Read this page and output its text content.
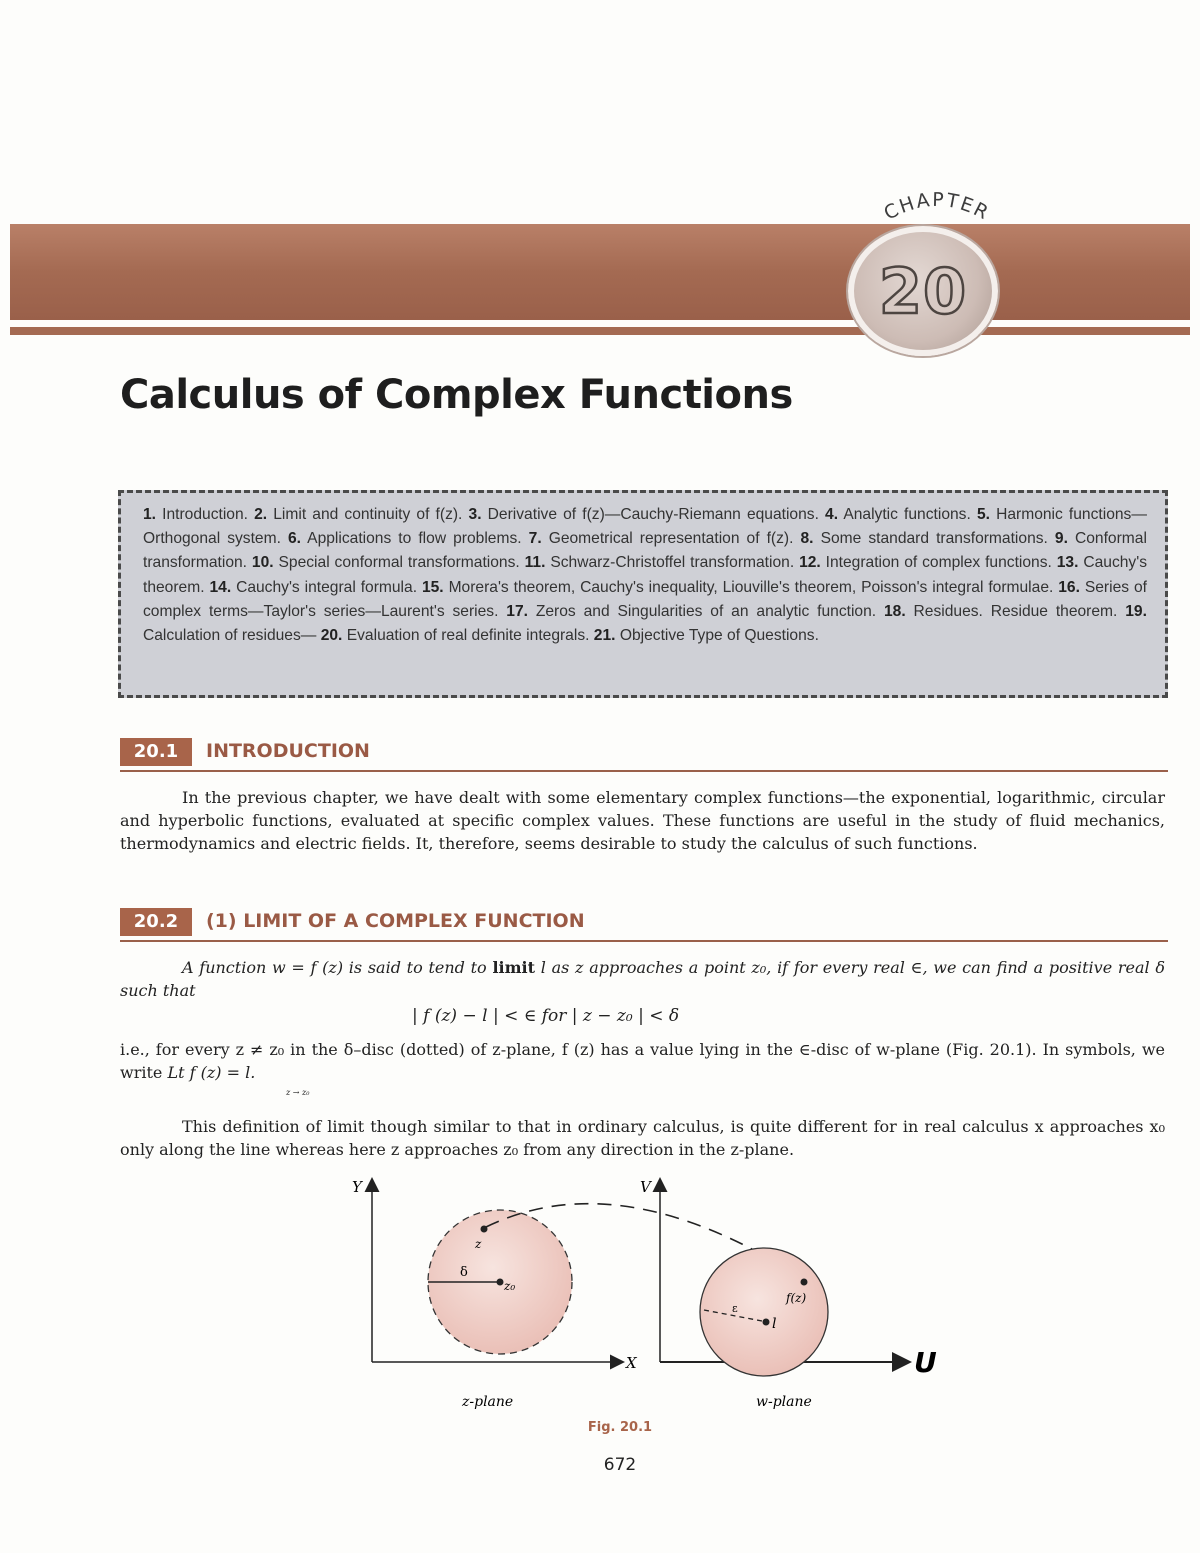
CHAPTER
20
Calculus of Complex Functions
1. Introduction. 2. Limit and continuity of f(z). 3. Derivative of f(z)—Cauchy-Riemann equations. 4. Analytic functions. 5. Harmonic functions— Orthogonal system. 6. Applications to flow problems. 7. Geometrical representation of f(z). 8. Some standard transformations. 9. Conformal transformation. 10. Special conformal transformations. 11. Schwarz-Christoffel transformation. 12. Integration of complex functions. 13. Cauchy's theorem. 14. Cauchy's integral formula. 15. Morera's theorem, Cauchy's inequality, Liouville's theorem, Poisson's integral formulae. 16. Series of complex terms—Taylor's series—Laurent's series. 17. Zeros and Singularities of an analytic function. 18. Residues. Residue theorem. 19. Calculation of residues— 20. Evaluation of real definite integrals. 21. Objective Type of Questions.
20.1	INTRODUCTION

In the previous chapter, we have dealt with some elementary complex functions—the exponential, logarithmic, circular and hyperbolic functions, evaluated at specific complex values. These functions are useful in the study of fluid mechanics, thermodynamics and electric fields. It, therefore, seems desirable to study the calculus of such functions.

20.2	(1) LIMIT OF A COMPLEX FUNCTION

A function w = f (z) is said to tend to limit l as z approaches a point z₀, if for every real ∈, we can find a positive real δ such that

| f (z) − l | < ∈ for | z − z₀ | < δ

i.e., for every z ≠ z₀ in the δ–disc (dotted) of z-plane, f (z) has a value lying in the ∈-disc of w-plane (Fig. 20.1). In symbols, we write Lt f (z) = l.

z → z₀

This definition of limit though similar to that in ordinary calculus, is quite different for in real calculus x approaches x₀ only along the line whereas here z approaches z₀ from any direction in the z-plane.

Y
X
δ
z₀
z
V
U
f(z)
l
ε
z-plane	w-plane
Fig. 20.1
672
